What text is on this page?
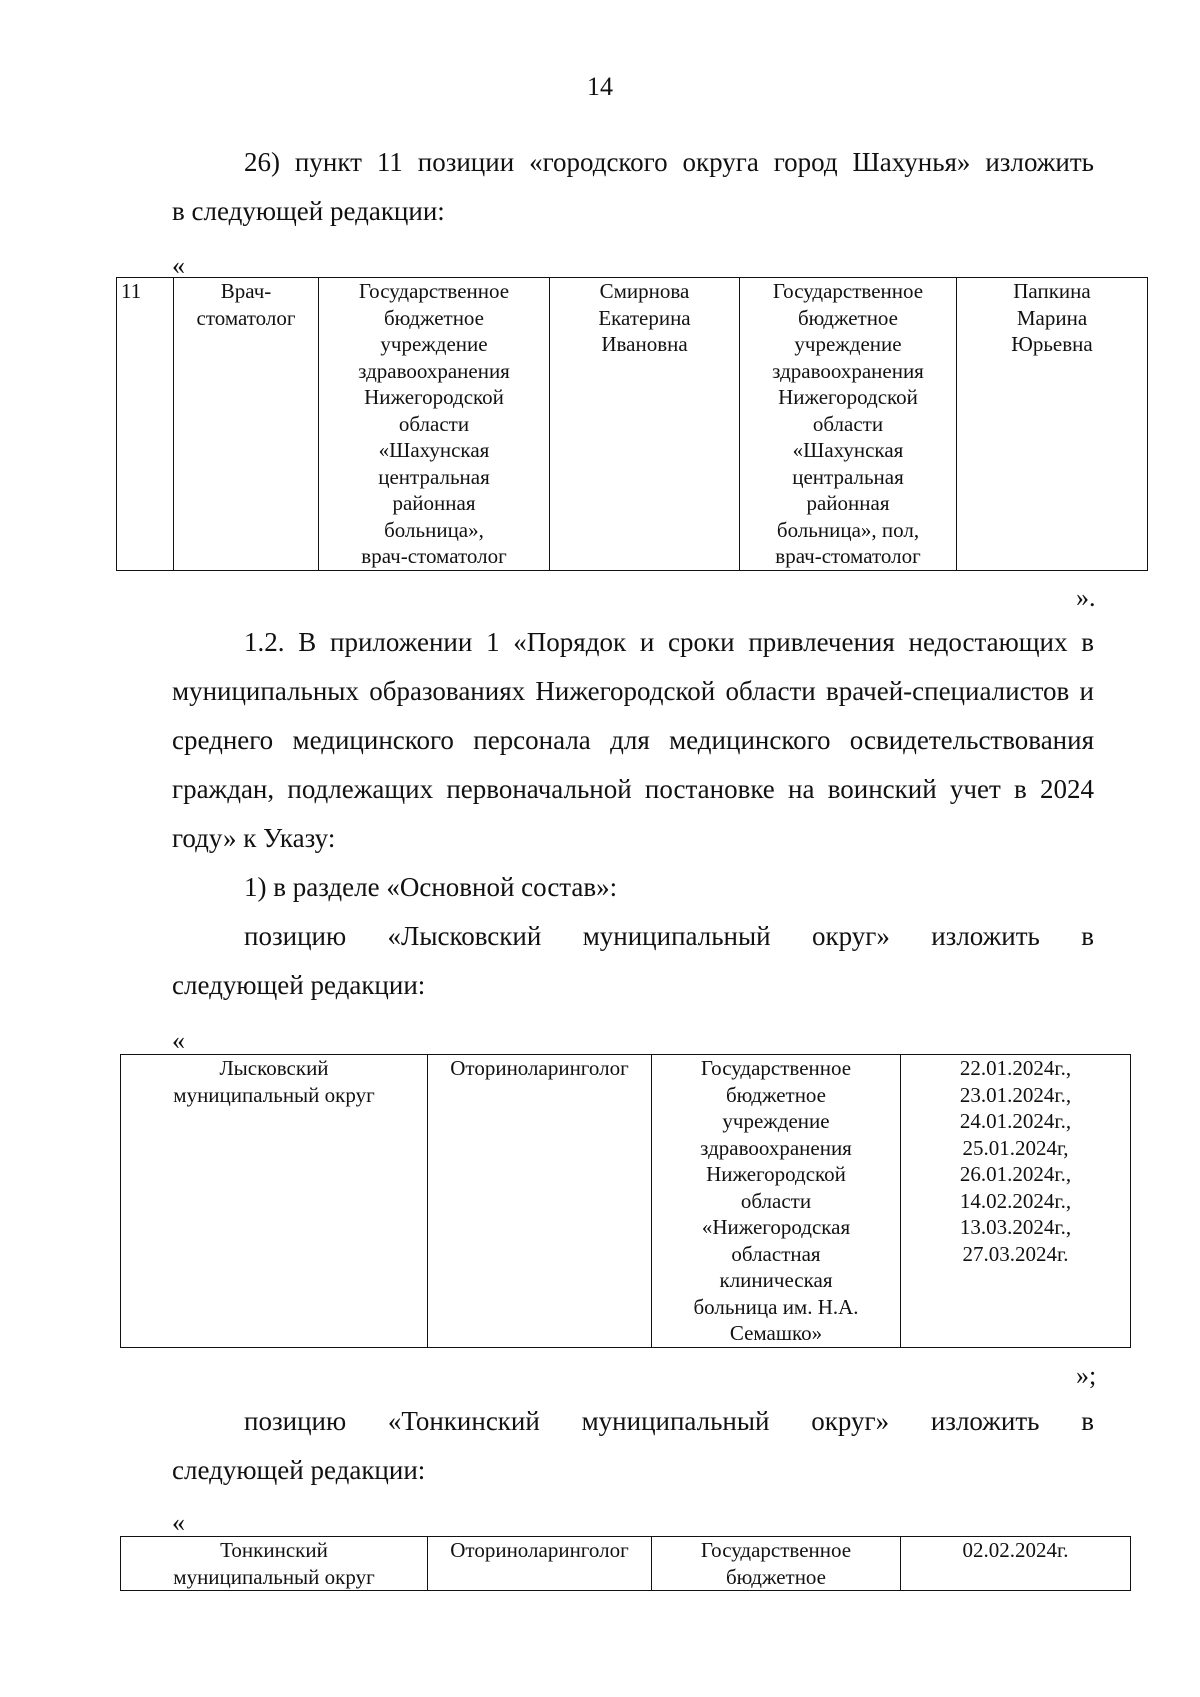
14
26) пункт 11 позиции «городского округа город Шахунья» изложить
в следующей редакции:
«
11	Врач-
стоматолог	Государственное
бюджетное
учреждение
здравоохранения
Нижегородской
области
«Шахунская
центральная
районная
больница»,
врач-стоматолог	Смирнова
Екатерина
Ивановна	Государственное
бюджетное
учреждение
здравоохранения
Нижегородской
области
«Шахунская
центральная
районная
больница», пол,
врач-стоматолог	Папкина
Марина
Юрьевна
».
1.2. В приложении 1 «Порядок и сроки привлечения недостающих в муниципальных образованиях Нижегородской области врачей-специалистов и среднего медицинского персонала для медицинского освидетельствования граждан, подлежащих первоначальной постановке на воинский учет в 2024 году» к Указу:
1) в разделе «Основной состав»:
позицию «Лысковский муниципальный округ» изложить в
следующей редакции:
«
Лысковский
муниципальный округ	Оториноларинголог	Государственное
бюджетное
учреждение
здравоохранения
Нижегородской
области
«Нижегородская
областная
клиническая
больница им. Н.А.
Семашко»	22.01.2024г.,
23.01.2024г.,
24.01.2024г.,
25.01.2024г,
26.01.2024г.,
14.02.2024г.,
13.03.2024г.,
27.03.2024г.
»;
позицию «Тонкинский муниципальный округ» изложить в
следующей редакции:
«
Тонкинский
муниципальный округ	Оториноларинголог	Государственное
бюджетное	02.02.2024г.
